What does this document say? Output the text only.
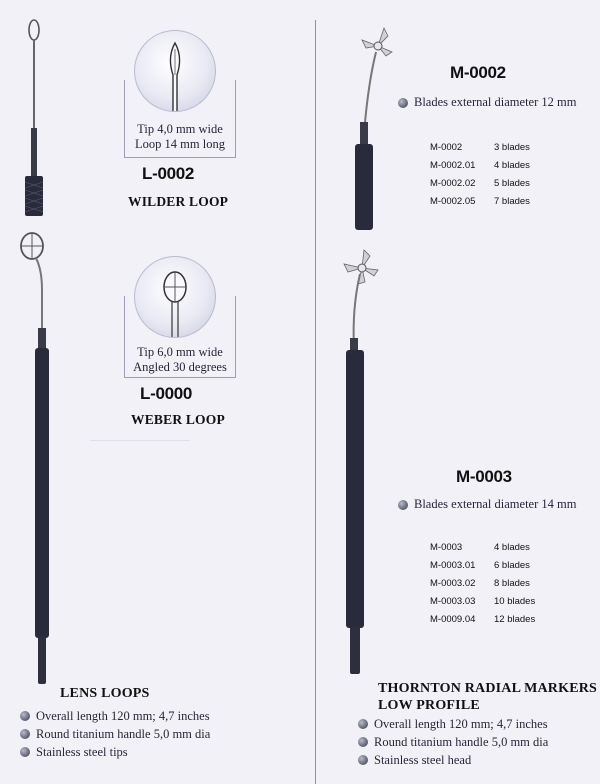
Tip 4,0 mm wide
Loop 14 mm long
L-0002
WILDER LOOP
Tip 6,0 mm wide
Angled 30 degrees
L-0000
WEBER LOOP
LENS LOOPS
Overall length 120 mm; 4,7 inches
Round titanium handle 5,0 mm dia
Stainless steel tips
M-0002
Blades external diameter 12 mm
M-0002	3 blades
M-0002.01	4 blades
M-0002.02	5 blades
M-0002.05	7 blades
M-0003
Blades external diameter 14 mm
M-0003	4 blades
M-0003.01	6 blades
M-0003.02	8 blades
M-0003.03	10 blades
M-0009.04	12 blades
THORNTON RADIAL MARKERS
LOW PROFILE
Overall length 120 mm; 4,7 inches
Round titanium handle 5,0 mm dia
Stainless steel head
